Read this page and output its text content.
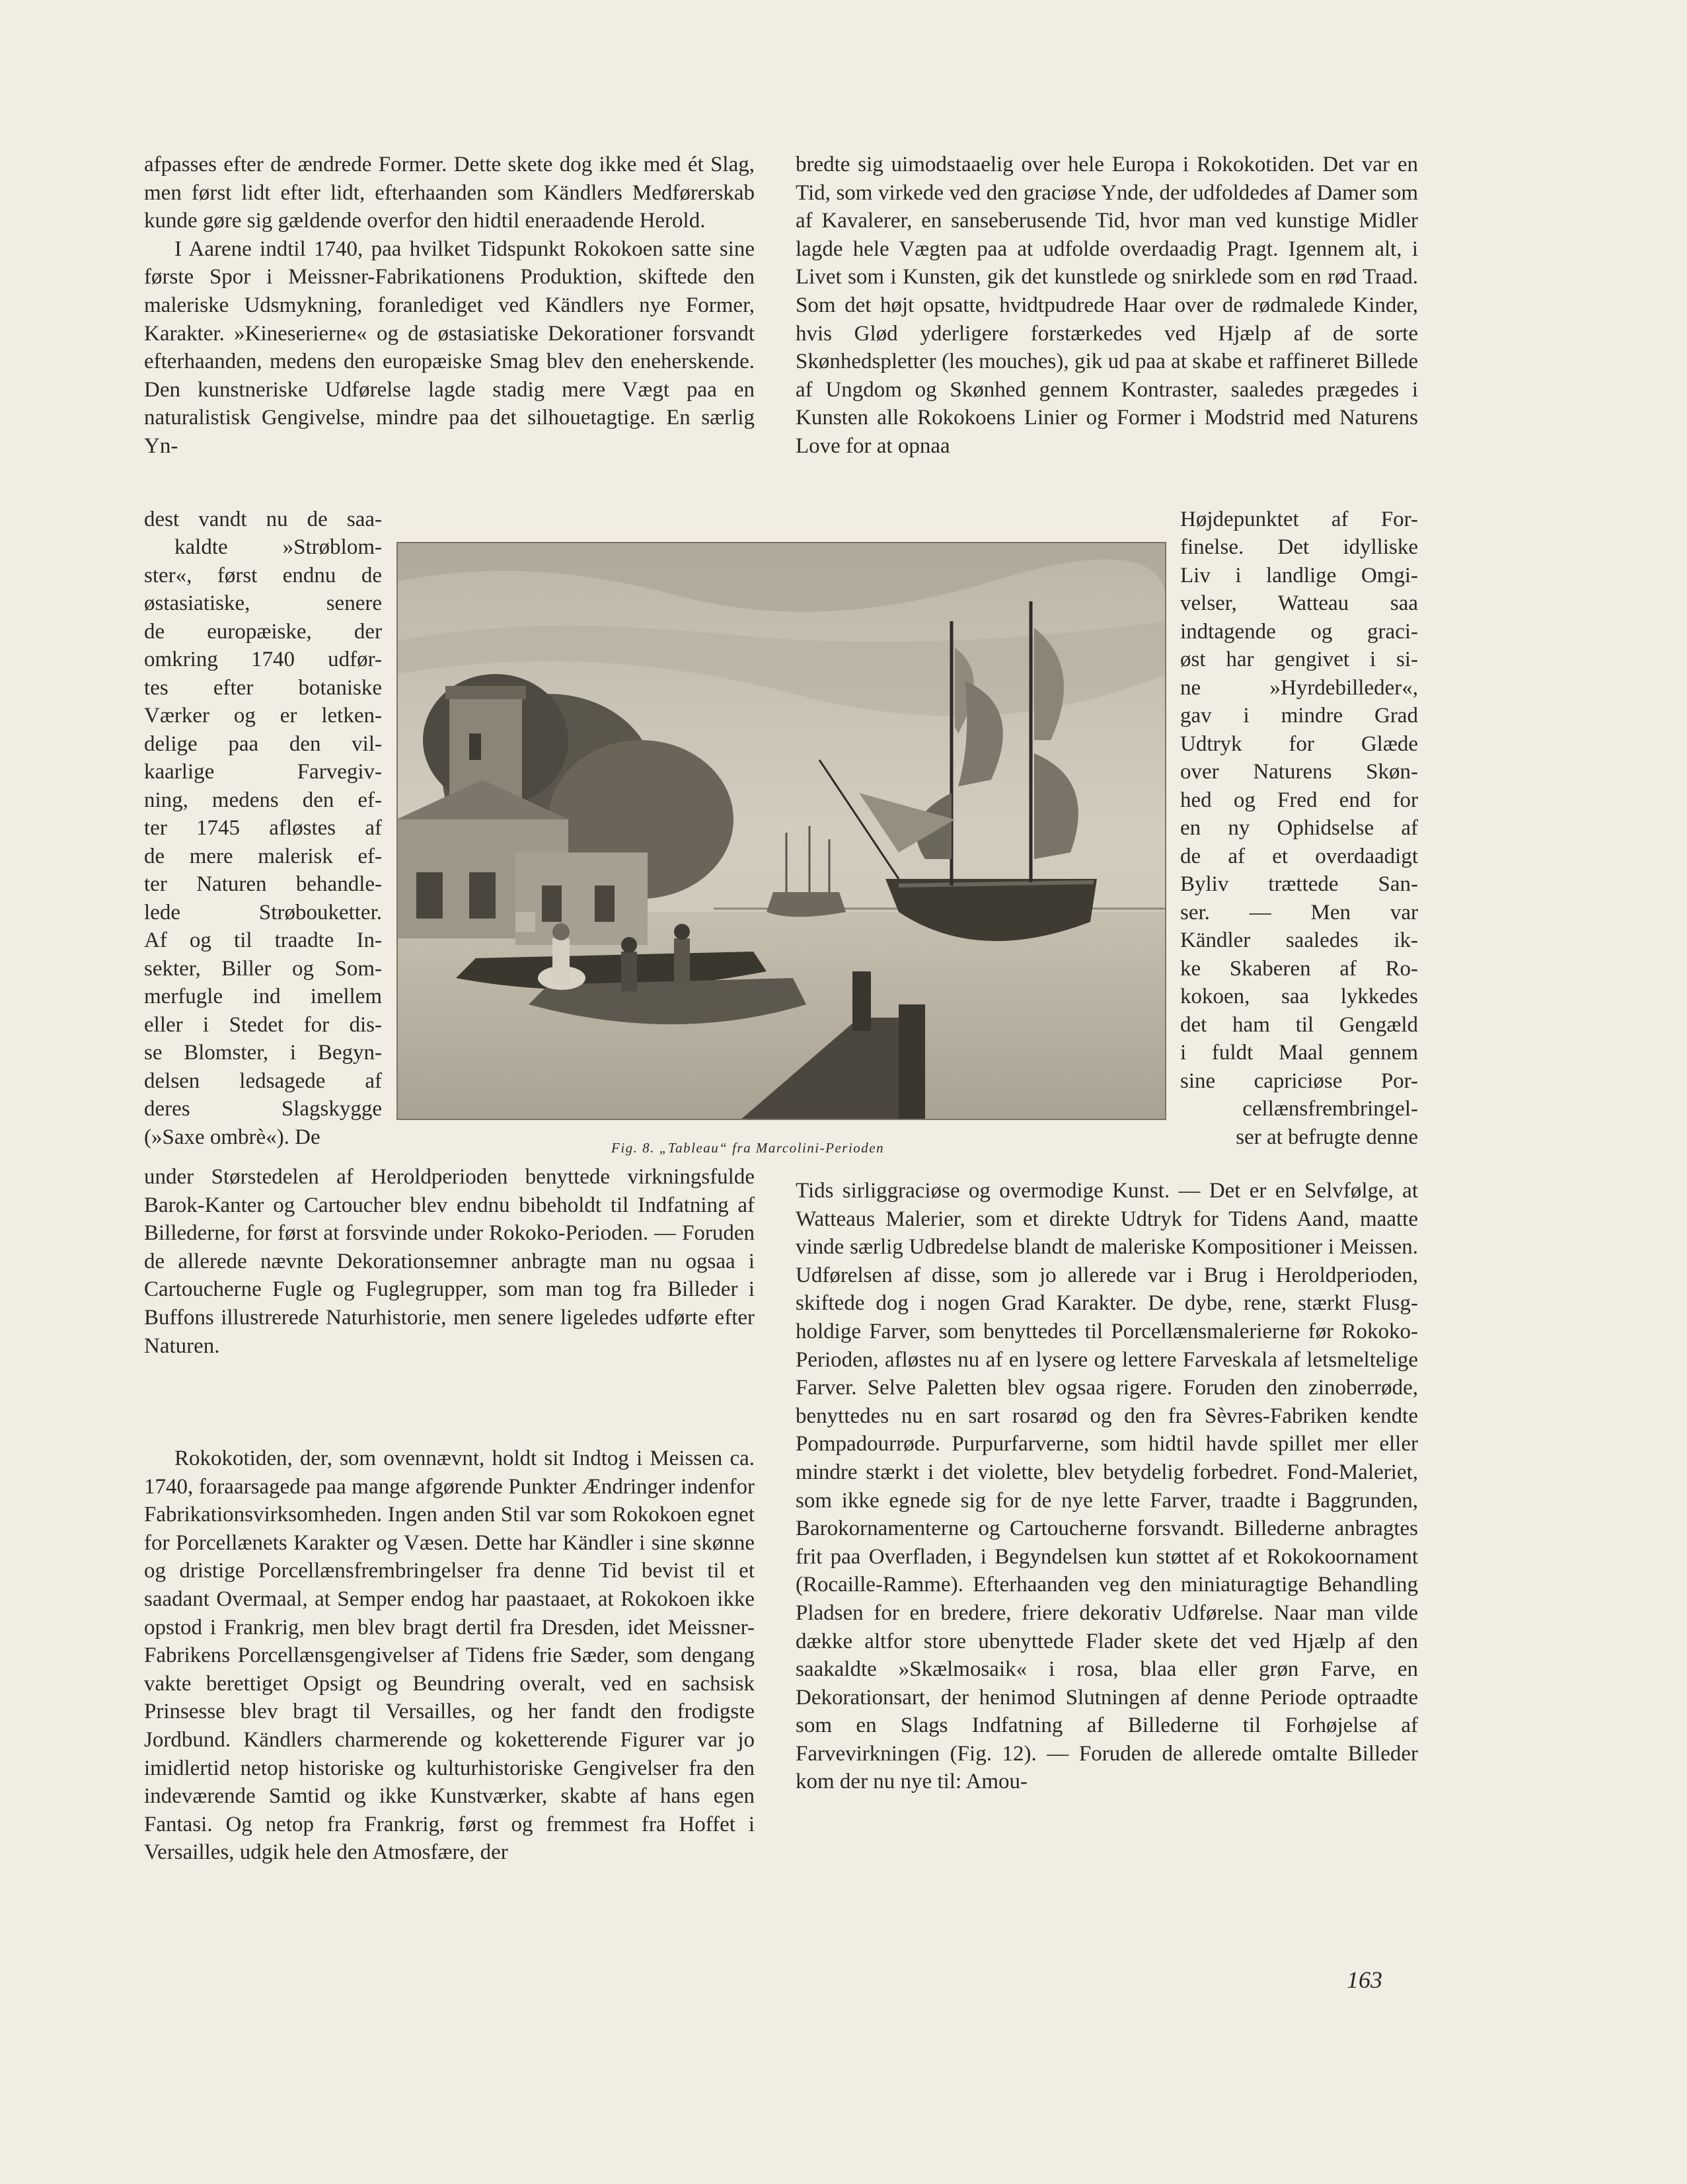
afpasses efter de ændrede Former. Dette skete dog ikke med ét Slag, men først lidt efter lidt, efterhaanden som Kändlers Medførerskab kunde gøre sig gældende overfor den hidtil eneraadende Herold.

I Aarene indtil 1740, paa hvilket Tidspunkt Rokokoen satte sine første Spor i Meissner-Fabrikationens Produktion, skiftede den maleriske Udsmykning, foranlediget ved Kändlers nye Former, Karakter. »Kineserierne« og de østasiatiske Dekorationer forsvandt efterhaanden, medens den europæiske Smag blev den eneherskende. Den kunstneriske Udførelse lagde stadig mere Vægt paa en naturalistisk Gengivelse, mindre paa det silhouetagtige. En særlig Yn-

dest vandt nu de saa-
kaldte »Strøblom-
ster«, først endnu de
østasiatiske, senere
de europæiske, der
omkring 1740 udfør-
tes efter botaniske
Værker og er letken-
delige paa den vil-
kaarlige Farvegiv-
ning, medens den ef-
ter 1745 afløstes af
de mere malerisk ef-
ter Naturen behandle-
lede Strøbouketter.
Af og til traadte In-
sekter, Biller og Som-
merfugle ind imellem
eller i Stedet for dis-
se Blomster, i Begyn-
delsen ledsagede af
deres Slagskygge
(»Saxe ombrè«). De

under Størstedelen af Heroldperioden benyttede virkningsfulde Barok-Kanter og Cartoucher blev endnu bibeholdt til Indfatning af Billederne, for først at forsvinde under Rokoko-Perioden. — Foruden de allerede nævnte Dekorationsemner anbragte man nu ogsaa i Cartoucherne Fugle og Fuglegrupper, som man tog fra Billeder i Buffons illustrerede Naturhistorie, men senere ligeledes udførte efter Naturen.

Rokokotiden, der, som ovennævnt, holdt sit Indtog i Meissen ca. 1740, foraarsagede paa mange afgørende Punkter Ændringer indenfor Fabrikationsvirksomheden. Ingen anden Stil var som Rokokoen egnet for Porcellænets Karakter og Væsen. Dette har Kändler i sine skønne og dristige Porcellænsfrembringelser fra denne Tid bevist til et saadant Overmaal, at Semper endog har paastaaet, at Rokokoen ikke opstod i Frankrig, men blev bragt dertil fra Dresden, idet Meissner-Fabrikens Porcellænsgengivelser af Tidens frie Sæder, som dengang vakte berettiget Opsigt og Beundring overalt, ved en sachsisk Prinsesse blev bragt til Versailles, og her fandt den frodigste Jordbund. Kändlers charmerende og koketterende Figurer var jo imidlertid netop historiske og kulturhistoriske Gengivelser fra den indeværende Samtid og ikke Kunstværker, skabte af hans egen Fantasi. Og netop fra Frankrig, først og fremmest fra Hoffet i Versailles, udgik hele den Atmosfære, der

bredte sig uimodstaaelig over hele Europa i Rokokotiden. Det var en Tid, som virkede ved den graciøse Ynde, der udfoldedes af Damer som af Kavalerer, en sanseberusende Tid, hvor man ved kunstige Midler lagde hele Vægten paa at udfolde overdaadig Pragt. Igennem alt, i Livet som i Kunsten, gik det kunstlede og snirklede som en rød Traad. Som det højt opsatte, hvidtpudrede Haar over de rødmalede Kinder, hvis Glød yderligere forstærkedes ved Hjælp af de sorte Skønhedspletter (les mouches), gik ud paa at skabe et raffineret Billede af Ungdom og Skønhed gennem Kontraster, saaledes prægedes i Kunsten alle Rokokoens Linier og Former i Modstrid med Naturens Love for at opnaa

Højdepunktet af For-
finelse. Det idylliske
Liv i landlige Omgi-
velser, Watteau saa
indtagende og graci-
øst har gengivet i si-
ne »Hyrdebilleder«,
gav i mindre Grad
Udtryk for Glæde
over Naturens Skøn-
hed og Fred end for
en ny Ophidselse af
de af et overdaadigt
Byliv trættede San-
ser. — Men var
Kändler saaledes ik-
ke Skaberen af Ro-
kokoen, saa lykkedes
det ham til Gengæld
i fuldt Maal gennem
sine capriciøse Por-
cellænsfrembringel-
ser at befrugte denne

Tids sirliggraciøse og overmodige Kunst. — Det er en Selvfølge, at Watteaus Malerier, som et direkte Udtryk for Tidens Aand, maatte vinde særlig Udbredelse blandt de maleriske Kompositioner i Meissen. Udførelsen af disse, som jo allerede var i Brug i Heroldperioden, skiftede dog i nogen Grad Karakter. De dybe, rene, stærkt Flusg-holdige Farver, som benyttedes til Porcellænsmalerierne før Rokoko-Perioden, afløstes nu af en lysere og lettere Farveskala af letsmeltelige Farver. Selve Paletten blev ogsaa rigere. Foruden den zinoberrøde, benyttedes nu en sart rosarød og den fra Sèvres-Fabriken kendte Pompadourrøde. Purpurfarverne, som hidtil havde spillet mer eller mindre stærkt i det violette, blev betydelig forbedret. Fond-Maleriet, som ikke egnede sig for de nye lette Farver, traadte i Baggrunden, Barokornamenterne og Cartoucherne forsvandt. Billederne anbragtes frit paa Overfladen, i Begyndelsen kun støttet af et Rokokoornament (Rocaille-Ramme). Efterhaanden veg den miniaturagtige Behandling Pladsen for en bredere, friere dekorativ Udførelse. Naar man vilde dække altfor store ubenyttede Flader skete det ved Hjælp af den saakaldte »Skælmosaik« i rosa, blaa eller grøn Farve, en Dekorationsart, der henimod Slutningen af denne Periode optraadte som en Slags Indfatning af Billederne til Forhøjelse af Farvevirkningen (Fig. 12). — Foruden de allerede omtalte Billeder kom der nu nye til: Amou-

Fig. 8. „Tableau“ fra Marcolini-Perioden
163
